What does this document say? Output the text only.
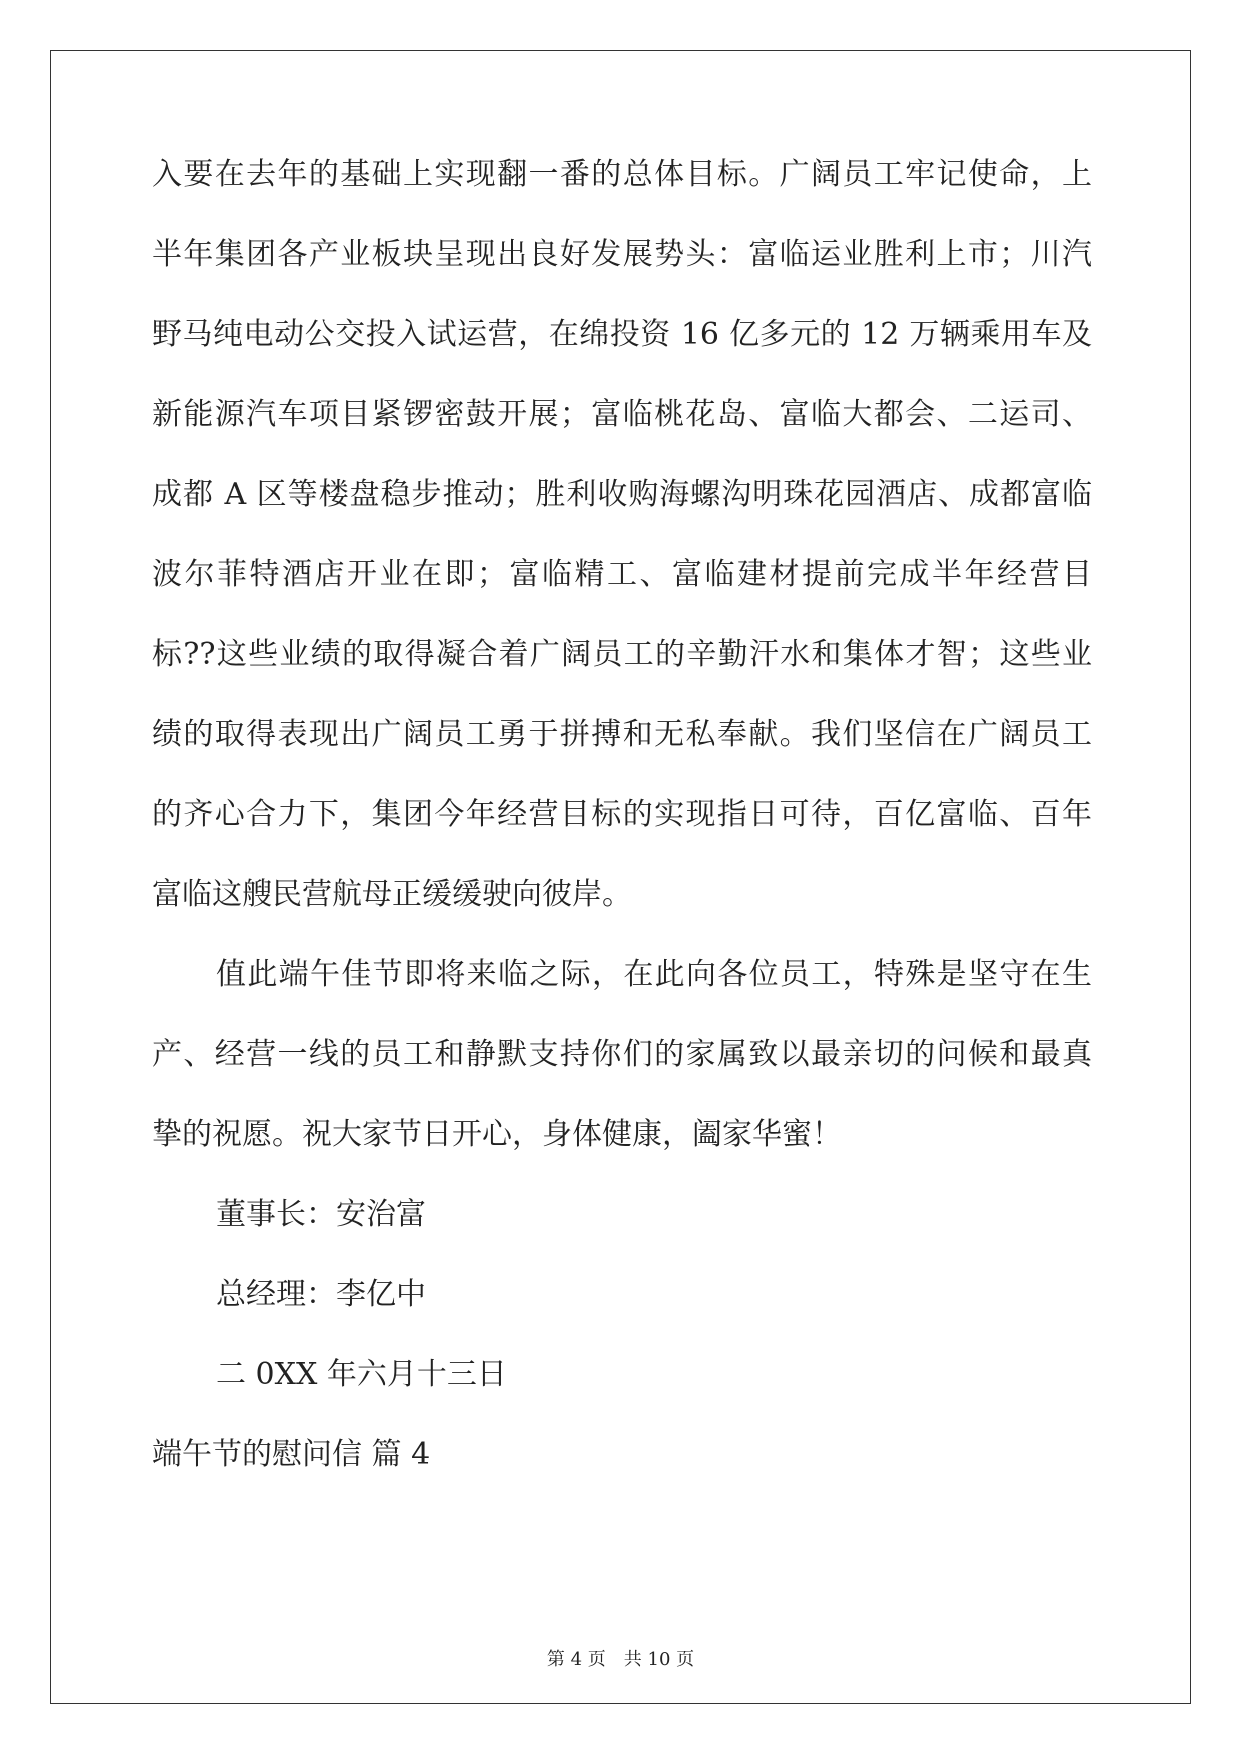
入要在去年的基础上实现翻一番的总体目标。广阔员工牢记使命，上
半年集团各产业板块呈现出良好发展势头：富临运业胜利上市；川汽
野马纯电动公交投入试运营，在绵投资 16 亿多元的 12 万辆乘用车及
新能源汽车项目紧锣密鼓开展；富临桃花岛、富临大都会、二运司、
成都 A 区等楼盘稳步推动；胜利收购海螺沟明珠花园酒店、成都富临
波尔菲特酒店开业在即；富临精工、富临建材提前完成半年经营目
标??这些业绩的取得凝合着广阔员工的辛勤汗水和集体才智；这些业
绩的取得表现出广阔员工勇于拼搏和无私奉献。我们坚信在广阔员工
的齐心合力下，集团今年经营目标的实现指日可待，百亿富临、百年
富临这艘民营航母正缓缓驶向彼岸。
值此端午佳节即将来临之际，在此向各位员工，特殊是坚守在生
产、经营一线的员工和静默支持你们的家属致以最亲切的问候和最真
挚的祝愿。祝大家节日开心，身体健康，阖家华蜜！
董事长：安治富
总经理：李亿中
二 0XX 年六月十三日
端午节的慰问信 篇 4
第 4 页 共 10 页
